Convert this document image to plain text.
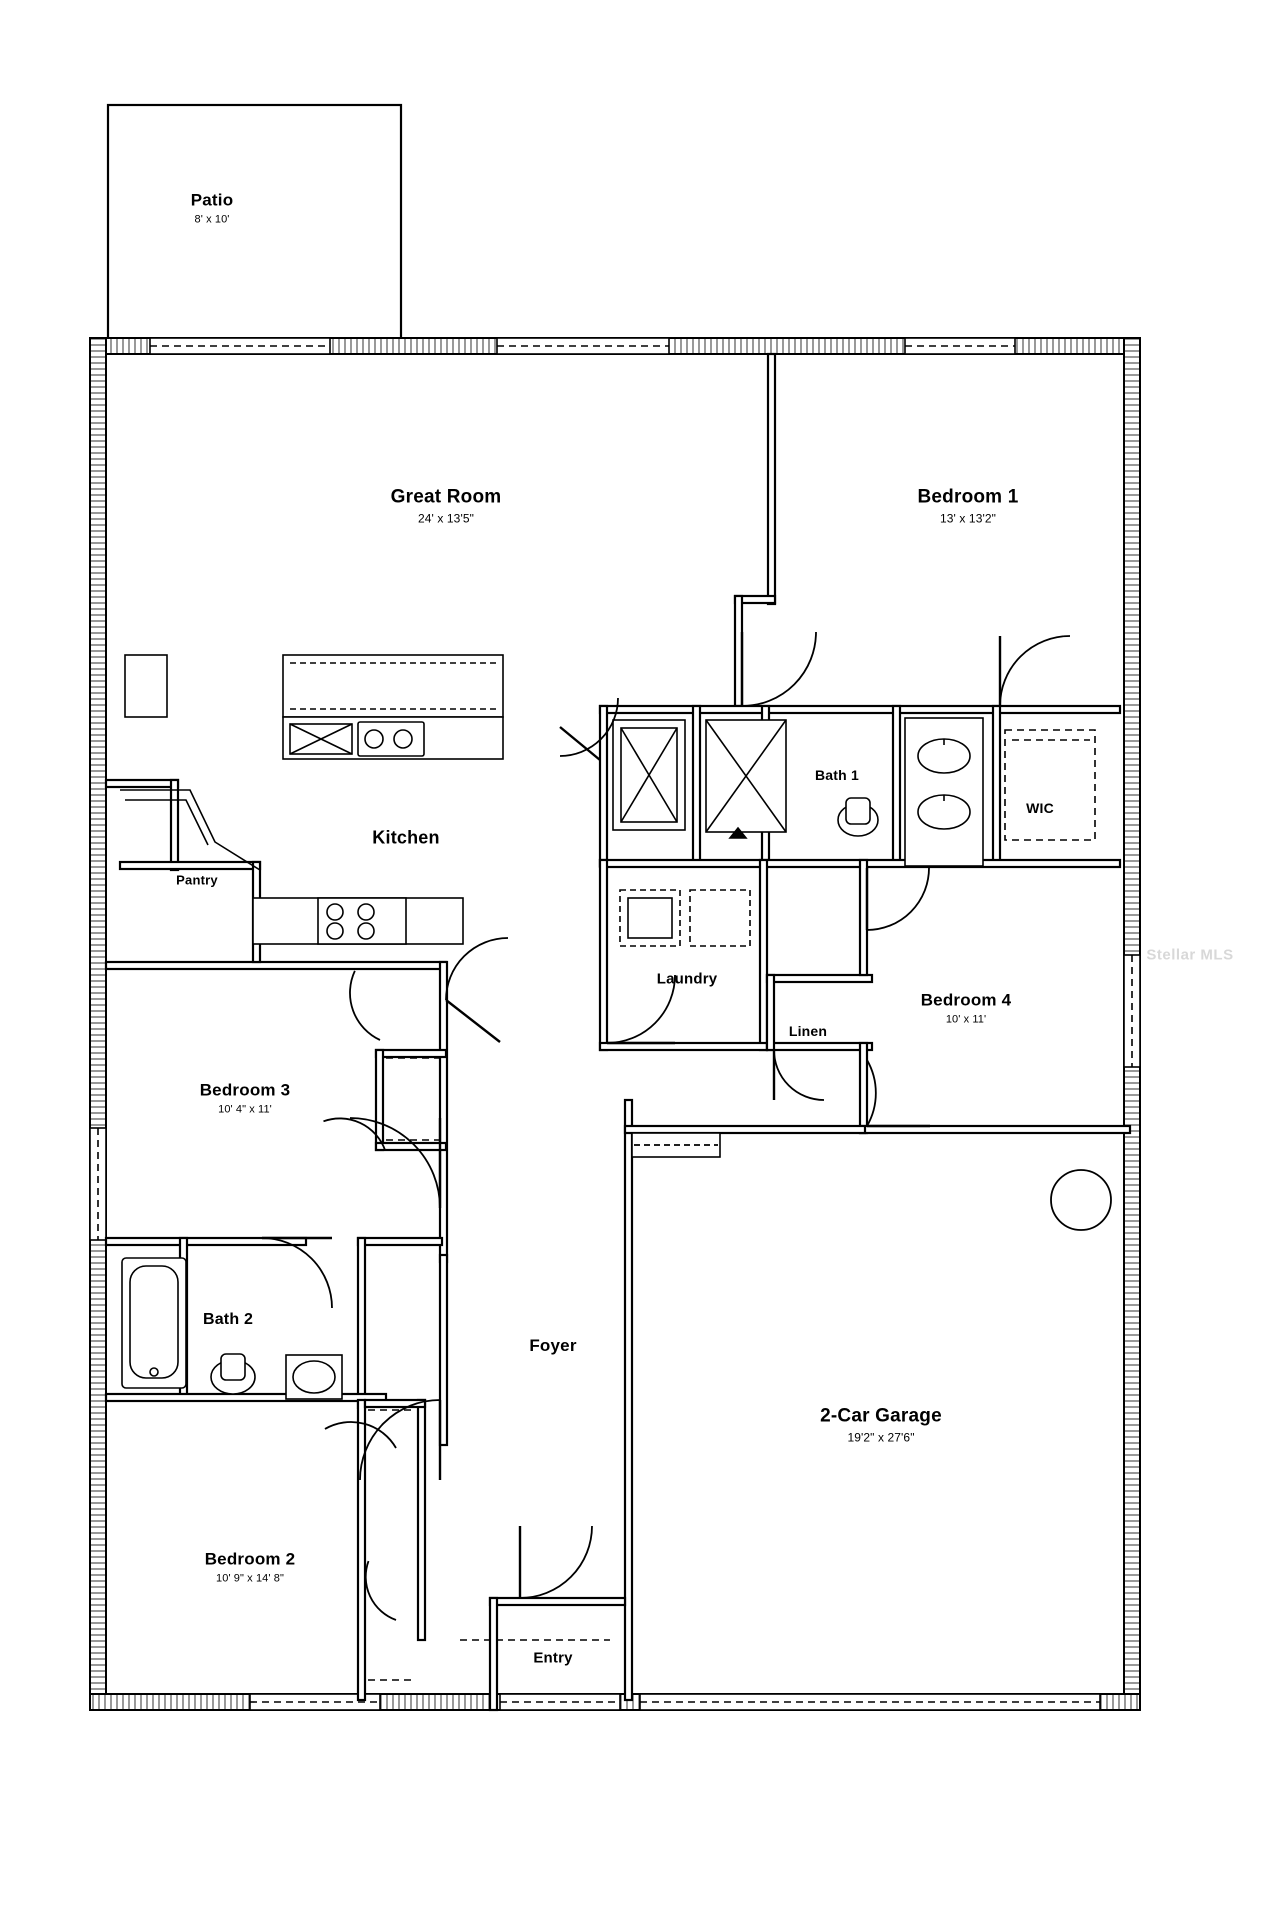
Patio
8' x 10'
Great Room
24' x 13'5"
Bedroom 1
13' x 13'2"
Kitchen
Pantry
Bath 1
WIC
Laundry
Linen
Bedroom 4
10' x 11'
Bedroom 3
10' 4" x 11'
Bath 2
Foyer
2-Car Garage
19'2" x 27'6"
Bedroom 2
10' 9" x 14' 8"
Entry
Stellar MLS
